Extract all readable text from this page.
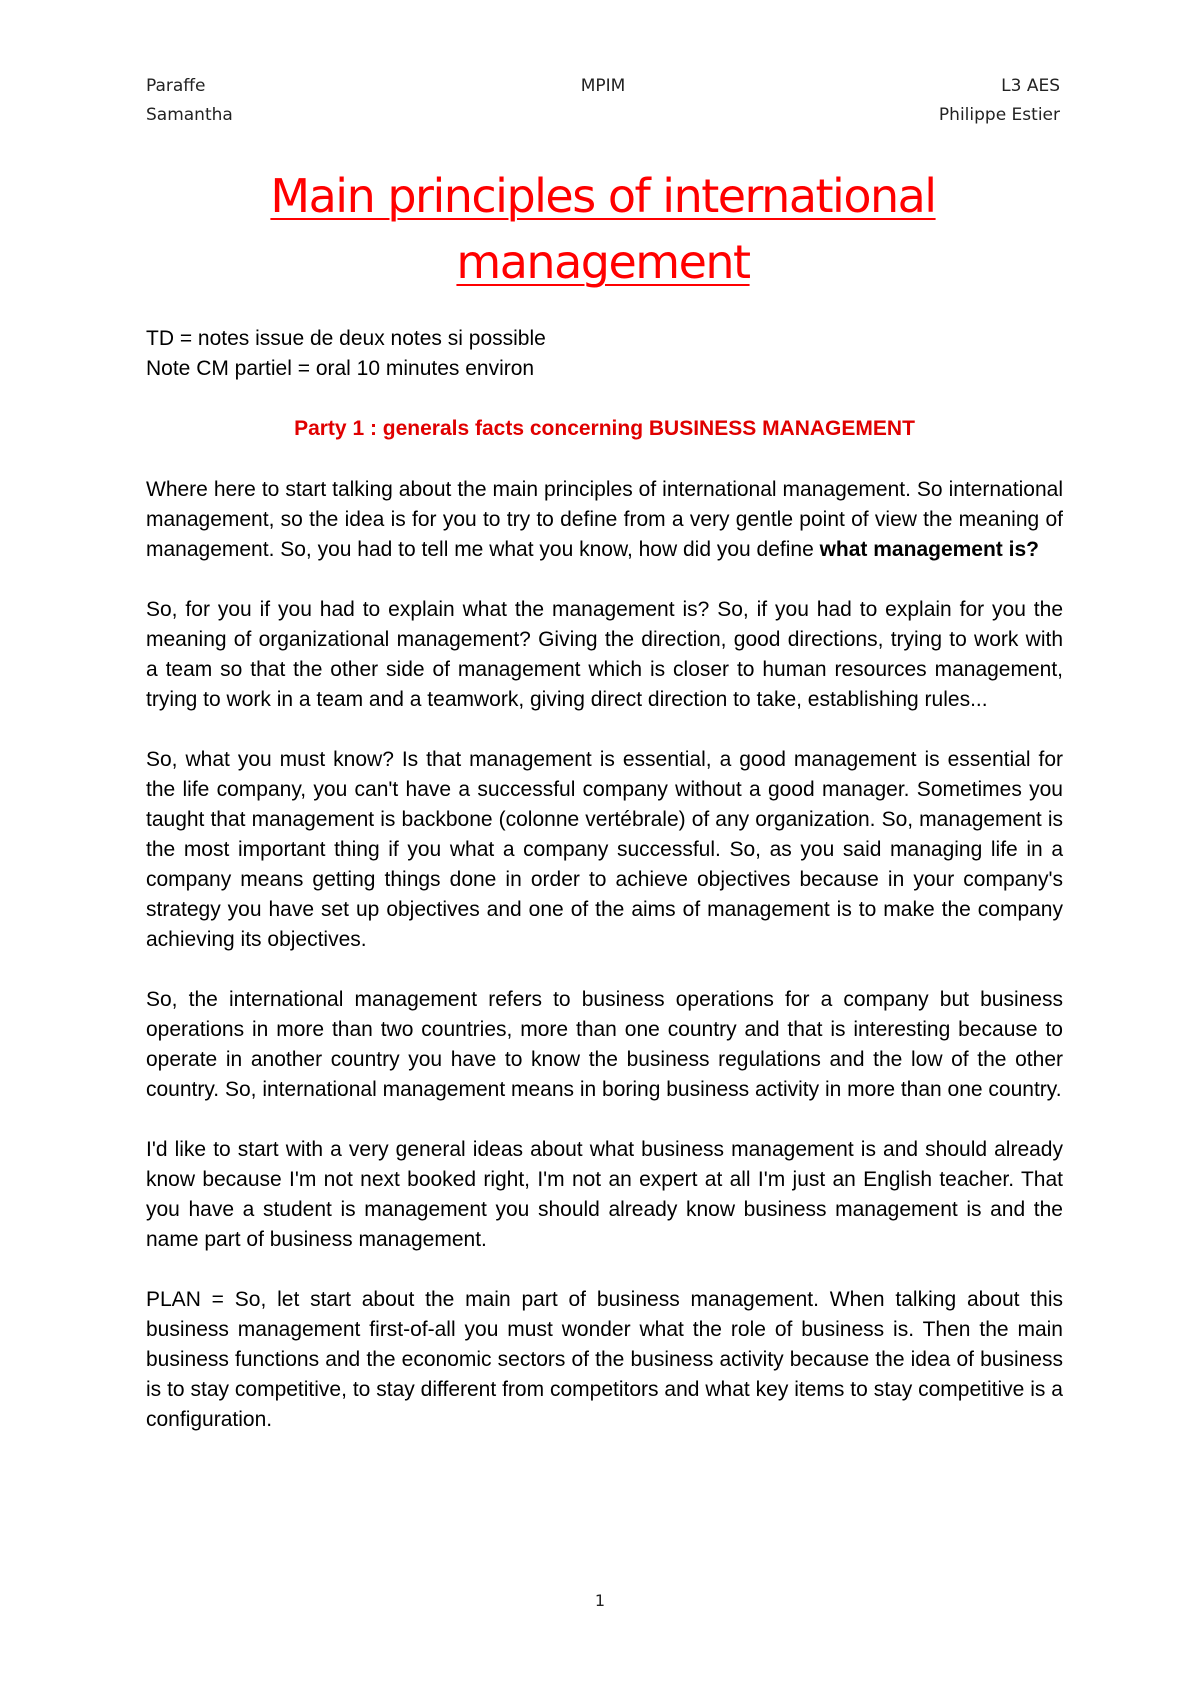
Paraffe	MPIM	L3 AES
Samantha	Philippe Estier
Main principles of international
management

TD = notes issue de deux notes si possible

Note CM partiel = oral 10 minutes environ

Party 1 : generals facts concerning BUSINESS MANAGEMENT

Where here to start talking about the main principles of international management. So international management, so the idea is for you to try to define from a very gentle point of view the meaning of management. So, you had to tell me what you know, how did you define what management is?

So, for you if you had to explain what the management is? So, if you had to explain for you the meaning of organizational management? Giving the direction, good directions, trying to work with a team so that the other side of management which is closer to human resources management, trying to work in a team and a teamwork, giving direct direction to take, establishing rules...

So, what you must know? Is that management is essential, a good management is essential for the life company, you can't have a successful company without a good manager. Sometimes you taught that management is backbone (colonne vertébrale) of any organization. So, management is the most important thing if you what a company successful. So, as you said managing life in a company means getting things done in order to achieve objectives because in your company's strategy you have set up objectives and one of the aims of management is to make the company achieving its objectives.

So, the international management refers to business operations for a company but business operations in more than two countries, more than one country and that is interesting because to operate in another country you have to know the business regulations and the low of the other country. So, international management means in boring business activity in more than one country.

I'd like to start with a very general ideas about what business management is and should already know because I'm not next booked right, I'm not an expert at all I'm just an English teacher. That you have a student is management you should already know business management is and the name part of business management.

PLAN = So, let start about the main part of business management. When talking about this business management first-of-all you must wonder what the role of business is. Then the main business functions and the economic sectors of the business activity because the idea of business is to stay competitive, to stay different from competitors and what key items to stay competitive is a configuration.

1
